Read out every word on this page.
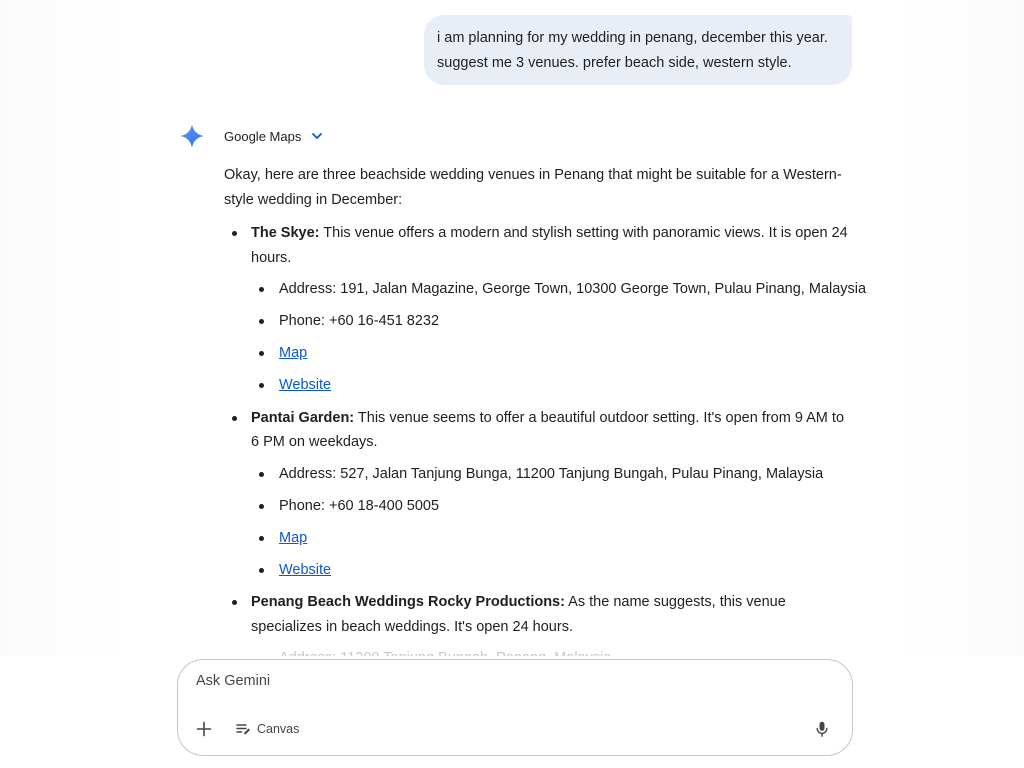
i am planning for my wedding in penang, december this year. suggest me 3 venues. prefer beach side, western style.
Google Maps

Okay, here are three beachside wedding venues in Penang that might be suitable for a Western-style wedding in December:

The Skye: This venue offers a modern and stylish setting with panoramic views. It is open 24 hours.
Address: 191, Jalan Magazine, George Town, 10300 George Town, Pulau Pinang, Malaysia
Phone: +60 16-451 8232
Map
Website
Pantai Garden: This venue seems to offer a beautiful outdoor setting. It's open from 9 AM to 6 PM on weekdays.
Address: 527, Jalan Tanjung Bunga, 11200 Tanjung Bungah, Pulau Pinang, Malaysia
Phone: +60 18-400 5005
Map
Website
Penang Beach Weddings Rocky Productions: As the name suggests, this venue specializes in beach weddings. It's open 24 hours.
Ask Gemini
Canvas
